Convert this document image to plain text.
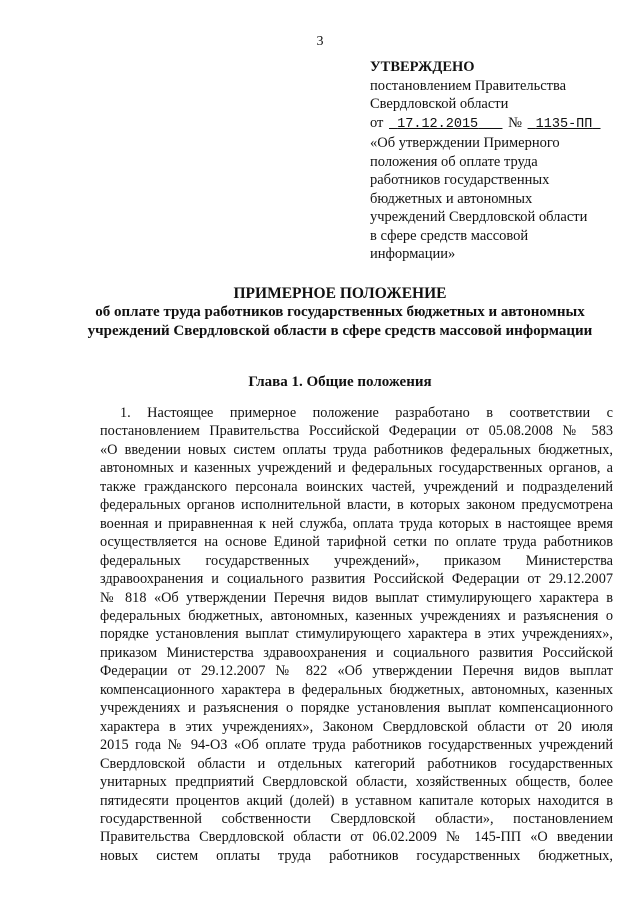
3
УТВЕРЖДЕНО
постановлением Правительства
Свердловской области
от 17.12.2015 № 1135-ПП
«Об утверждении Примерного
положения об оплате труда
работников государственных
бюджетных и автономных
учреждений Свердловской области
в сфере средств массовой
информации»
ПРИМЕРНОЕ ПОЛОЖЕНИЕ
об оплате труда работников государственных бюджетных и автономных
учреждений Свердловской области в сфере средств массовой информации
Глава 1. Общие положения
1. Настоящее примерное положение разработано в соответствии с
постановлением Правительства Российской Федерации от 05.08.2008 № 583
«О введении новых систем оплаты труда работников федеральных бюджетных,
автономных и казенных учреждений и федеральных государственных органов, а
также гражданского персонала воинских частей, учреждений и подразделений
федеральных органов исполнительной власти, в которых законом предусмотрена
военная и приравненная к ней служба, оплата труда которых в настоящее время
осуществляется на основе Единой тарифной сетки по оплате труда работников
федеральных государственных учреждений», приказом Министерства
здравоохранения и социального развития Российской Федерации от 29.12.2007
№ 818 «Об утверждении Перечня видов выплат стимулирующего характера в
федеральных бюджетных, автономных, казенных учреждениях и разъяснения о
порядке установления выплат стимулирующего характера в этих учреждениях»,
приказом Министерства здравоохранения и социального развития Российской
Федерации от 29.12.2007 № 822 «Об утверждении Перечня видов выплат
компенсационного характера в федеральных бюджетных, автономных, казенных
учреждениях и разъяснения о порядке установления выплат компенсационного
характера в этих учреждениях», Законом Свердловской области от 20 июля
2015 года № 94-ОЗ «Об оплате труда работников государственных учреждений
Свердловской области и отдельных категорий работников государственных
унитарных предприятий Свердловской области, хозяйственных обществ, более
пятидесяти процентов акций (долей) в уставном капитале которых находится в
государственной собственности Свердловской области», постановлением
Правительства Свердловской области от 06.02.2009 № 145-ПП «О введении
новых систем оплаты труда работников государственных бюджетных,
